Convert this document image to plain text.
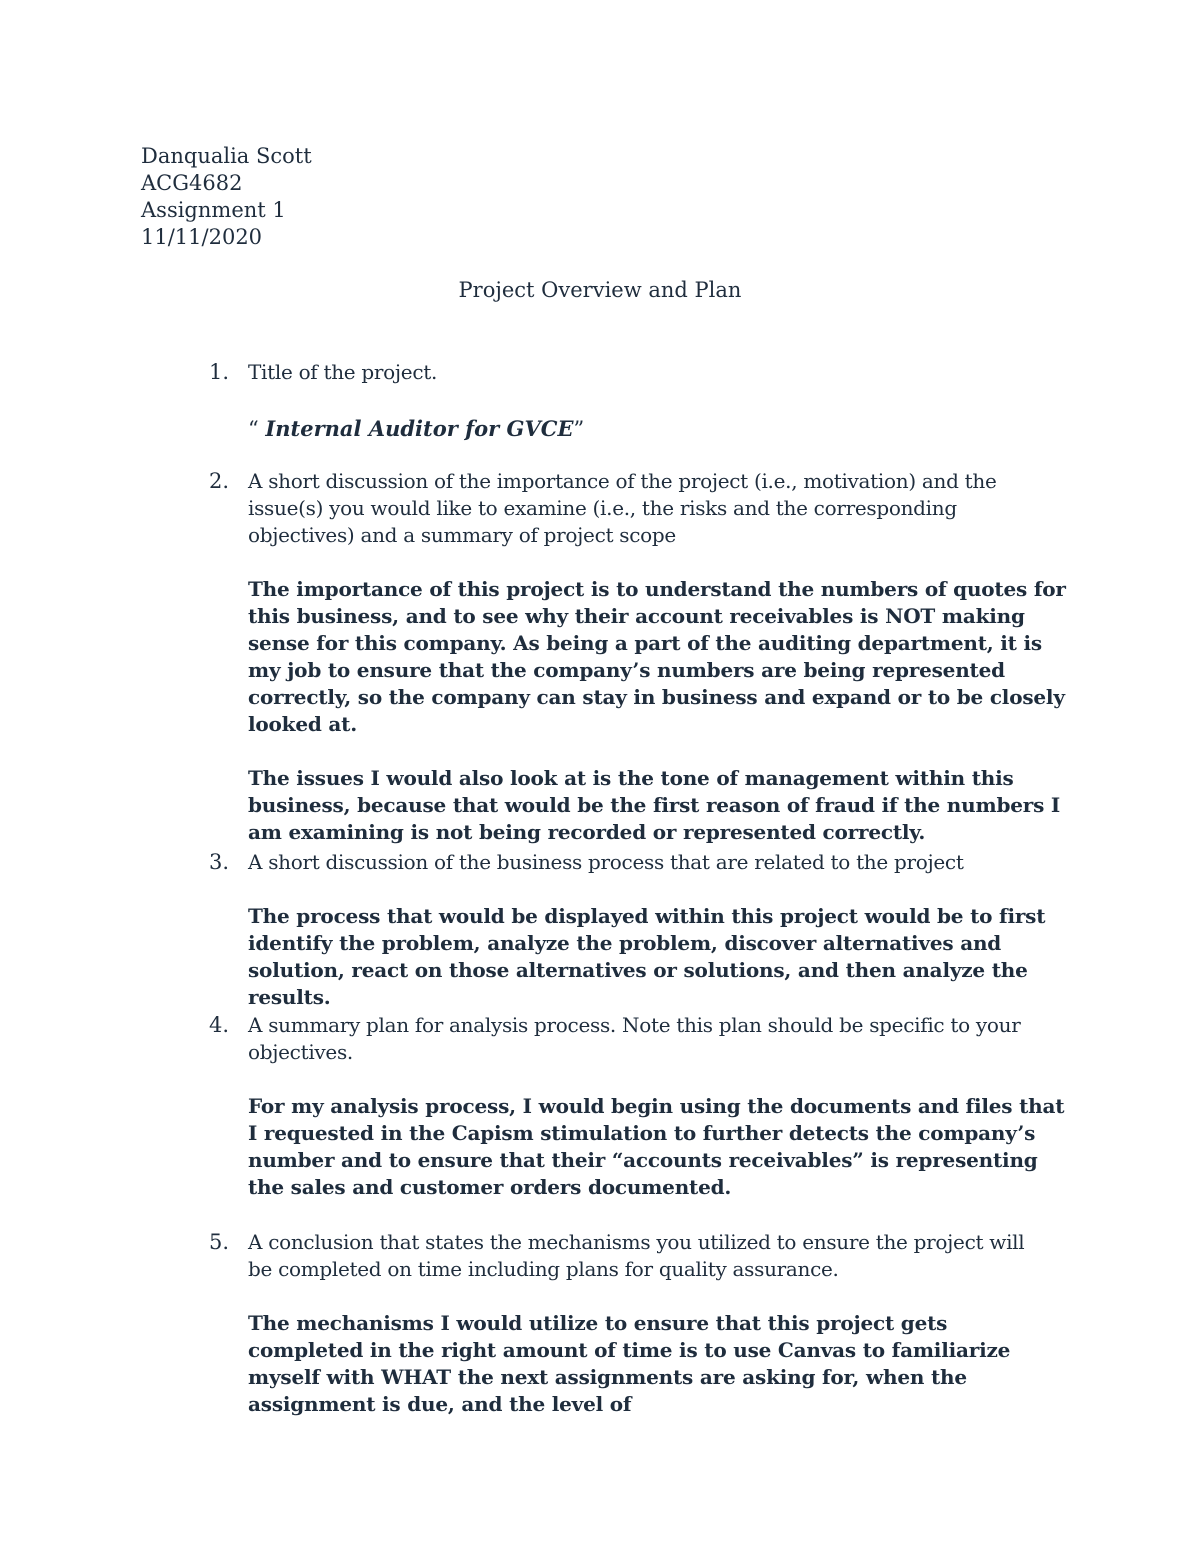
Danqualia Scott
ACG4682
Assignment 1
11/11/2020
Project Overview and Plan
1. Title of the project.
“ Internal Auditor for GVCE”
2. A short discussion of the importance of the project (i.e., motivation) and the issue(s) you would like to examine (i.e., the risks and the corresponding objectives) and a summary of project scope

The importance of this project is to understand the numbers of quotes for this business, and to see why their account receivables is NOT making sense for this company. As being a part of the auditing department, it is my job to ensure that the company’s numbers are being represented correctly, so the company can stay in business and expand or to be closely looked at.

The issues I would also look at is the tone of management within this business, because that would be the first reason of fraud if the numbers I am examining is not being recorded or represented correctly.

3. A short discussion of the business process that are related to the project

The process that would be displayed within this project would be to first identify the problem, analyze the problem, discover alternatives and solution, react on those alternatives or solutions, and then analyze the results.

4. A summary plan for analysis process. Note this plan should be specific to your objectives.

For my analysis process, I would begin using the documents and files that I requested in the Capism stimulation to further detects the company’s number and to ensure that their “accounts receivables” is representing the sales and customer orders documented.

5. A conclusion that states the mechanisms you utilized to ensure the project will be completed on time including plans for quality assurance.

The mechanisms I would utilize to ensure that this project gets completed in the right amount of time is to use Canvas to familiarize myself with WHAT the next assignments are asking for, when the assignment is due, and the level of
